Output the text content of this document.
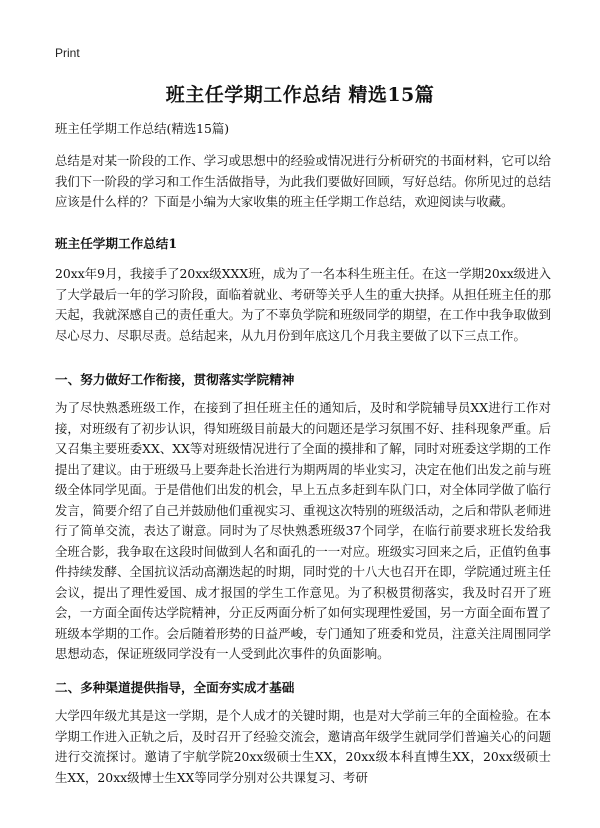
Print
班主任学期工作总结 精选15篇

班主任学期工作总结(精选15篇)

总结是对某一阶段的工作、学习或思想中的经验或情况进行分析研究的书面材料，它可以给我们下一阶段的学习和工作生活做指导，为此我们要做好回顾，写好总结。你所见过的总结应该是什么样的？下面是小编为大家收集的班主任学期工作总结，欢迎阅读与收藏。

班主任学期工作总结1

20xx年9月，我接手了20xx级XXX班，成为了一名本科生班主任。在这一学期20xx级进入了大学最后一年的学习阶段，面临着就业、考研等关乎人生的重大抉择。从担任班主任的那天起，我就深感自己的责任重大。为了不辜负学院和班级同学的期望，在工作中我争取做到尽心尽力、尽职尽责。总结起来，从九月份到年底这几个月我主要做了以下三点工作。

一、努力做好工作衔接，贯彻落实学院精神

为了尽快熟悉班级工作，在接到了担任班主任的通知后，及时和学院辅导员XX进行工作对接，对班级有了初步认识，得知班级目前最大的问题还是学习氛围不好、挂科现象严重。后又召集主要班委XX、XX等对班级情况进行了全面的摸排和了解，同时对班委这学期的工作提出了建议。由于班级马上要奔赴长治进行为期两周的毕业实习，决定在他们出发之前与班级全体同学见面。于是借他们出发的机会，早上五点多赶到车队门口，对全体同学做了临行发言，简要介绍了自己并鼓励他们重视实习、重视这次特别的班级活动，之后和带队老师进行了简单交流，表达了谢意。同时为了尽快熟悉班级37个同学，在临行前要求班长发给我全班合影，我争取在这段时间做到人名和面孔的一一对应。班级实习回来之后，正值钓鱼事件持续发酵、全国抗议活动高潮迭起的时期，同时党的十八大也召开在即，学院通过班主任会议，提出了理性爱国、成才报国的学生工作意见。为了积极贯彻落实，我及时召开了班会，一方面全面传达学院精神，分正反两面分析了如何实现理性爱国，另一方面全面布置了班级本学期的工作。会后随着形势的日益严峻，专门通知了班委和党员，注意关注周围同学思想动态，保证班级同学没有一人受到此次事件的负面影响。

二、多种渠道提供指导，全面夯实成才基础

大学四年级尤其是这一学期，是个人成才的关键时期，也是对大学前三年的全面检验。在本学期工作进入正轨之后，及时召开了经验交流会，邀请高年级学生就同学们普遍关心的问题进行交流探讨。邀请了宇航学院20xx级硕士生XX，20xx级本科直博生XX，20xx级硕士生XX，20xx级博士生XX等同学分别对公共课复习、考研
